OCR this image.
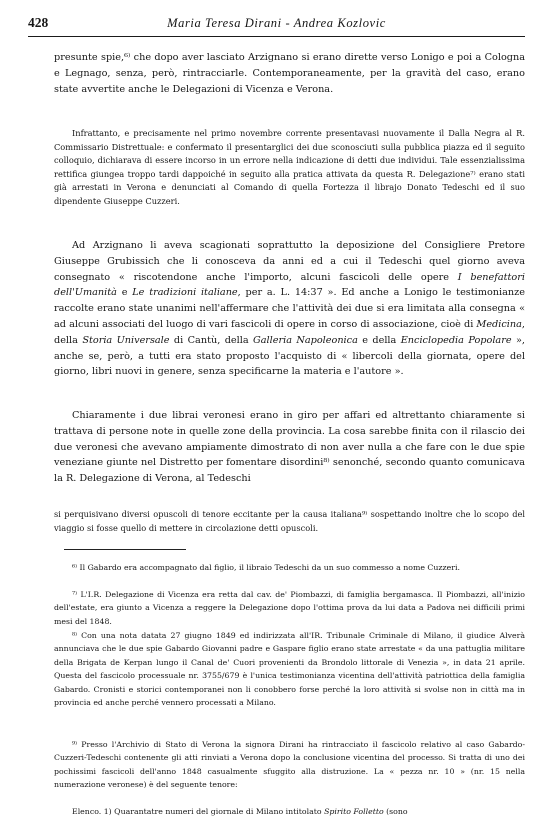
428	Maria Teresa Dirani - Andrea Kozlovic

presunte spie,⁶⁾ che dopo aver lasciato Arzignano si erano dirette verso Lonigo e poi a Cologna e Legnago, senza, però, rintracciarle. Contemporaneamente, per la gravità del caso, erano state avvertite anche le Delegazioni di Vicenza e Verona.

Infrattanto, e precisamente nel primo novembre corrente presentavasi nuovamente il Dalla Negra al R. Commissario Distrettuale: e confermato il presentargliсi dei due sconosciuti sulla pubblica piazza ed il seguito colloquio, dichiarava di essere incorso in un errore nella indicazione di detti due individui. Tale essenzialissima rettifica giungea troppo tardi dappoiché in seguito alla pratica attivata da questa R. Delegazione⁷⁾ erano stati già arrestati in Verona e denunciati al Comando di quella Fortezza il librajo Donato Tedeschi ed il suo dipendente Giuseppe Cuzzeri.

Ad Arzignano li aveva scagionati soprattutto la deposizione del Consigliere Pretore Giuseppe Grubissich che li conosceva da anni ed a cui il Tedeschi quel giorno aveva consegnato « riscotendone anche l'importo, alcuni fascicoli delle opere I benefattori dell'Umanità e Le tradizioni italiane, per a. L. 14:37 ». Ed anche a Lonigo le testimonianze raccolte erano state unanimi nell'affermare che l'attività dei due si era limitata alla consegna « ad alcuni associati del luogo di vari fascicoli di opere in corso di associazione, cioè di Medicina, della Storia Universale di Cantù, della Galleria Napoleonica e della Enciclopedia Popolare », anche se, però, a tutti era stato proposto l'acquisto di « libercoli della giornata, opere del giorno, libri nuovi in genere, senza specificarne la materia e l'autore ».

Chiaramente i due librai veronesi erano in giro per affari ed altrettanto chiaramente si trattava di persone note in quelle zone della provincia. La cosa sarebbe finita con il rilascio dei due veronesi che avevano ampiamente dimostrato di non aver nulla a che fare con le due spie veneziane giunte nel Distretto per fomentare disordini⁸⁾ senonché, secondo quanto comunicava la R. Delegazione di Verona, al Tedeschi

si perquisivano diversi opuscoli di tenore eccitante per la causa italiana⁹⁾ sospettando inoltre che lo scopo del viaggio si fosse quello di mettere in circolazione detti opuscoli.

⁶⁾ Il Gabardo era accompagnato dal figlio, il libraio Tedeschi da un suo commesso a nome Cuzzeri.

⁷⁾ L'I.R. Delegazione di Vicenza era retta dal cav. de' Piombazzi, di famiglia bergamasca. Il Piombazzi, all'inizio dell'estate, era giunto a Vicenza a reggere la Delegazione dopo l'ottima prova da lui data a Padova nei difficili primi mesi del 1848.

⁸⁾ Con una nota datata 27 giugno 1849 ed indirizzata all'IR. Tribunale Criminale di Milano, il giudice Alverà annunciava che le due spie Gabardo Giovanni padre e Gaspare figlio erano state arrestate « da una pattuglia militare della Brigata de Kerpan lungo il Canal de' Cuori provenienti da Brondolo littorale di Venezia », in data 21 aprile. Questa del fascicolo processuale nr. 3755/679 è l'unica testimonianza vicentina dell'attività patriottica della famiglia Gabardo. Cronisti e storici contemporanei non li conobbero forse perché la loro attività si svolse non in città ma in provincia ed anche perché vennero processati a Milano.

⁹⁾ Presso l'Archivio di Stato di Verona la signora Dirani ha rintracciato il fascicolo relativo al caso Gabardo-Cuzzeri-Tedeschi contenente gli atti rinviati a Verona dopo la conclusione vicentina del processo. Si tratta di uno dei pochissimi fascicoli dell'anno 1848 casualmente sfuggito alla distruzione. La « pezza nr. 10 » (nr. 15 nella numerazione veronese) è del seguente tenore:

Elenco. 1) Quarantatre numeri del giornale di Milano intitolato Spirito Folletto (sono
